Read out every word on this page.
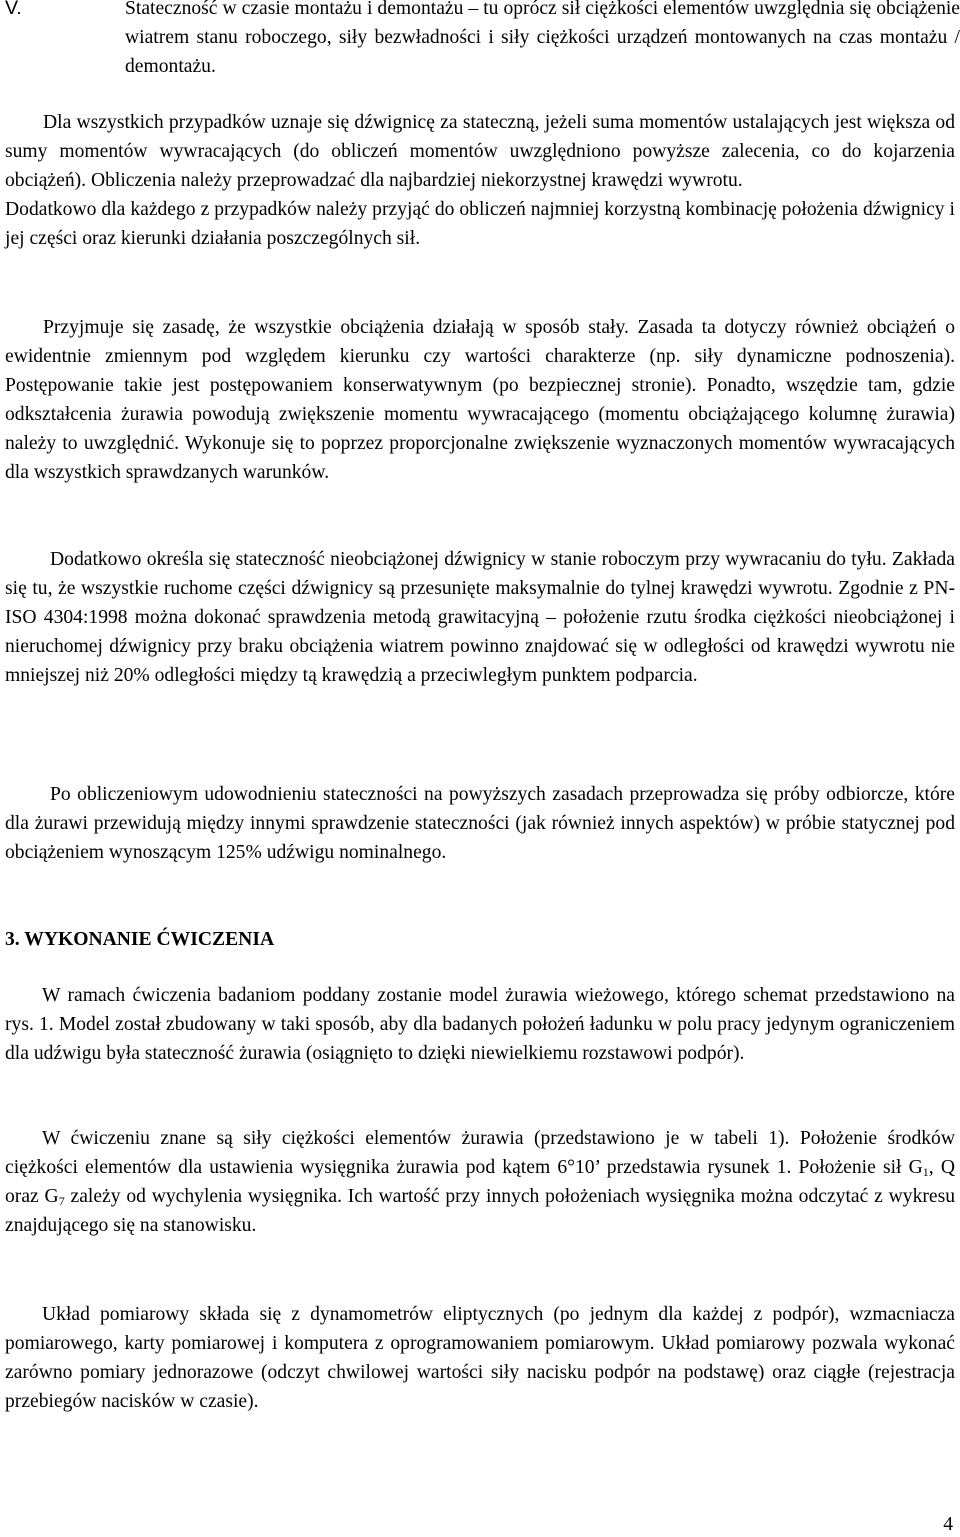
V.	Stateczność w czasie montażu i demontażu – tu oprócz sił ciężkości elementów uwzględnia się obciążenie wiatrem stanu roboczego, siły bezwładności i siły ciężkości urządzeń montowanych na czas montażu / demontażu.

Dla wszystkich przypadków uznaje się dźwignicę za stateczną, jeżeli suma momentów ustalających jest większa od sumy momentów wywracających (do obliczeń momentów uwzględniono powyższe zalecenia, co do kojarzenia obciążeń). Obliczenia należy przeprowadzać dla najbardziej niekorzystnej krawędzi wywrotu.

Dodatkowo dla każdego z przypadków należy przyjąć do obliczeń najmniej korzystną kombinację położenia dźwignicy i jej części oraz kierunki działania poszczególnych sił.

Przyjmuje się zasadę, że wszystkie obciążenia działają w sposób stały. Zasada ta dotyczy również obciążeń o ewidentnie zmiennym pod względem kierunku czy wartości charakterze (np. siły dynamiczne podnoszenia). Postępowanie takie jest postępowaniem konserwatywnym (po bezpiecznej stronie). Ponadto, wszędzie tam, gdzie odkształcenia żurawia powodują zwiększenie momentu wywracającego (momentu obciążającego kolumnę żurawia) należy to uwzględnić. Wykonuje się to poprzez proporcjonalne zwiększenie wyznaczonych momentów wywracających dla wszystkich sprawdzanych warunków.

Dodatkowo określa się stateczność nieobciążonej dźwignicy w stanie roboczym przy wywracaniu do tyłu. Zakłada się tu, że wszystkie ruchome części dźwignicy są przesunięte maksymalnie do tylnej krawędzi wywrotu. Zgodnie z PN-ISO 4304:1998 można dokonać sprawdzenia metodą grawitacyjną – położenie rzutu środka ciężkości nieobciążonej i nieruchomej dźwignicy przy braku obciążenia wiatrem powinno znajdować się w odległości od krawędzi wywrotu nie mniejszej niż 20% odległości między tą krawędzią a przeciwległym punktem podparcia.

Po obliczeniowym udowodnieniu stateczności na powyższych zasadach przeprowadza się próby odbiorcze, które dla żurawi przewidują między innymi sprawdzenie stateczności (jak również innych aspektów) w próbie statycznej pod obciążeniem wynoszącym 125% udźwigu nominalnego.

3. WYKONANIE ĆWICZENIA

W ramach ćwiczenia badaniom poddany zostanie model żurawia wieżowego, którego schemat przedstawiono na rys. 1. Model został zbudowany w taki sposób, aby dla badanych położeń ładunku w polu pracy jedynym ograniczeniem dla udźwigu była stateczność żurawia (osiągnięto to dzięki niewielkiemu rozstawowi podpór).

W ćwiczeniu znane są siły ciężkości elementów żurawia (przedstawiono je w tabeli 1). Położenie środków ciężkości elementów dla ustawienia wysięgnika żurawia pod kątem 6°10’ przedstawia rysunek 1. Położenie sił $G_1$, Q oraz $G_7$ zależy od wychylenia wysięgnika. Ich wartość przy innych położeniach wysięgnika można odczytać z wykresu znajdującego się na stanowisku.

Układ pomiarowy składa się z dynamometrów eliptycznych (po jednym dla każdej z podpór), wzmacniacza pomiarowego, karty pomiarowej i komputera z oprogramowaniem pomiarowym. Układ pomiarowy pozwala wykonać zarówno pomiary jednorazowe (odczyt chwilowej wartości siły nacisku podpór na podstawę) oraz ciągłe (rejestracja przebiegów nacisków w czasie).

4
